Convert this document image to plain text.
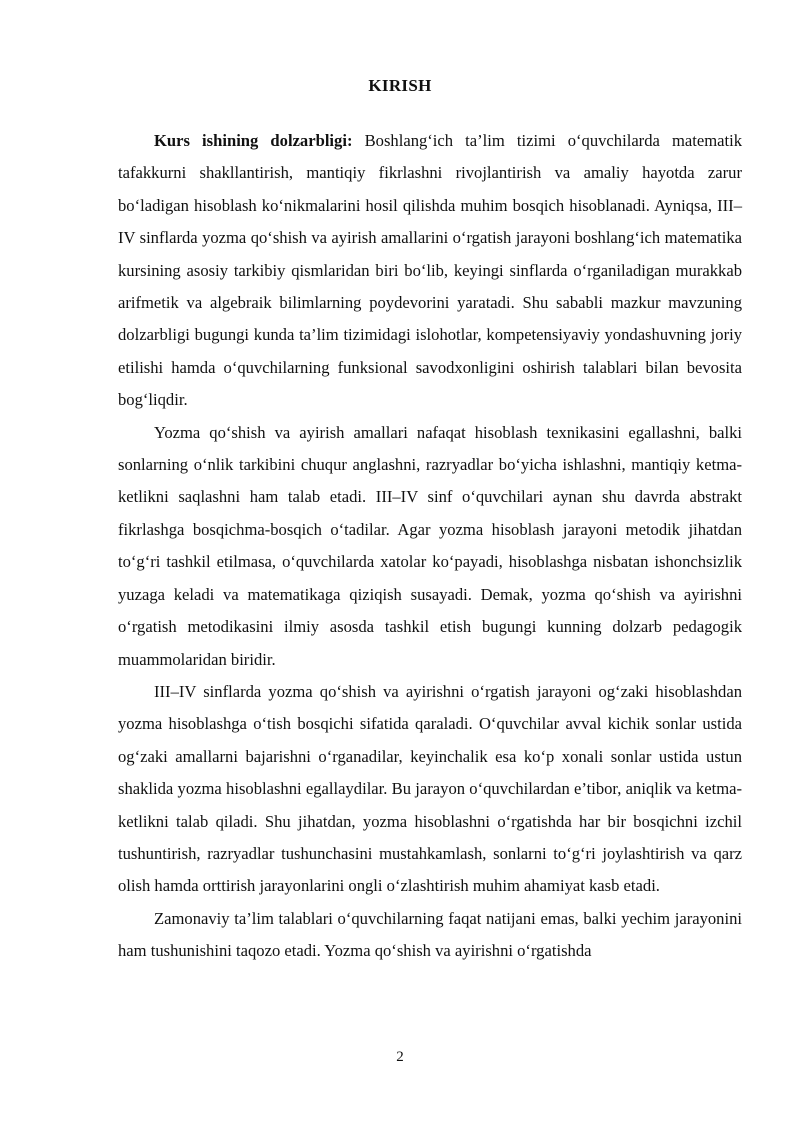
KIRISH

Kurs ishining dolzarbligi: Boshlang‘ich ta’lim tizimi o‘quvchilarda matematik tafakkurni shakllantirish, mantiqiy fikrlashni rivojlantirish va amaliy hayotda zarur bo‘ladigan hisoblash ko‘nikmalarini hosil qilishda muhim bosqich hisoblanadi. Ayniqsa, III–IV sinflarda yozma qo‘shish va ayirish amallarini o‘rgatish jarayoni boshlang‘ich matematika kursining asosiy tarkibiy qismlaridan biri bo‘lib, keyingi sinflarda o‘rganiladigan murakkab arifmetik va algebraik bilimlarning poydevorini yaratadi. Shu sababli mazkur mavzuning dolzarbligi bugungi kunda ta’lim tizimidagi islohotlar, kompetensiyaviy yondashuvning joriy etilishi hamda o‘quvchilarning funksional savodxonligini oshirish talablari bilan bevosita bog‘liqdir.

Yozma qo‘shish va ayirish amallari nafaqat hisoblash texnikasini egallashni, balki sonlarning o‘nlik tarkibini chuqur anglashni, razryadlar bo‘yicha ishlashni, mantiqiy ketma-ketlikni saqlashni ham talab etadi. III–IV sinf o‘quvchilari aynan shu davrda abstrakt fikrlashga bosqichma-bosqich o‘tadilar. Agar yozma hisoblash jarayoni metodik jihatdan to‘g‘ri tashkil etilmasa, o‘quvchilarda xatolar ko‘payadi, hisoblashga nisbatan ishonchsizlik yuzaga keladi va matematikaga qiziqish susayadi. Demak, yozma qo‘shish va ayirishni o‘rgatish metodikasini ilmiy asosda tashkil etish bugungi kunning dolzarb pedagogik muammolaridan biridir.

III–IV sinflarda yozma qo‘shish va ayirishni o‘rgatish jarayoni og‘zaki hisoblashdan yozma hisoblashga o‘tish bosqichi sifatida qaraladi. O‘quvchilar avval kichik sonlar ustida og‘zaki amallarni bajarishni o‘rganadilar, keyinchalik esa ko‘p xonali sonlar ustida ustun shaklida yozma hisoblashni egallaydilar. Bu jarayon o‘quvchilardan e’tibor, aniqlik va ketma-ketlikni talab qiladi. Shu jihatdan, yozma hisoblashni o‘rgatishda har bir bosqichni izchil tushuntirish, razryadlar tushunchasini mustahkamlash, sonlarni to‘g‘ri joylashtirish va qarz olish hamda orttirish jarayonlarini ongli o‘zlashtirish muhim ahamiyat kasb etadi.

Zamonaviy ta’lim talablari o‘quvchilarning faqat natijani emas, balki yechim jarayonini ham tushunishini taqozo etadi. Yozma qo‘shish va ayirishni o‘rgatishda

2
